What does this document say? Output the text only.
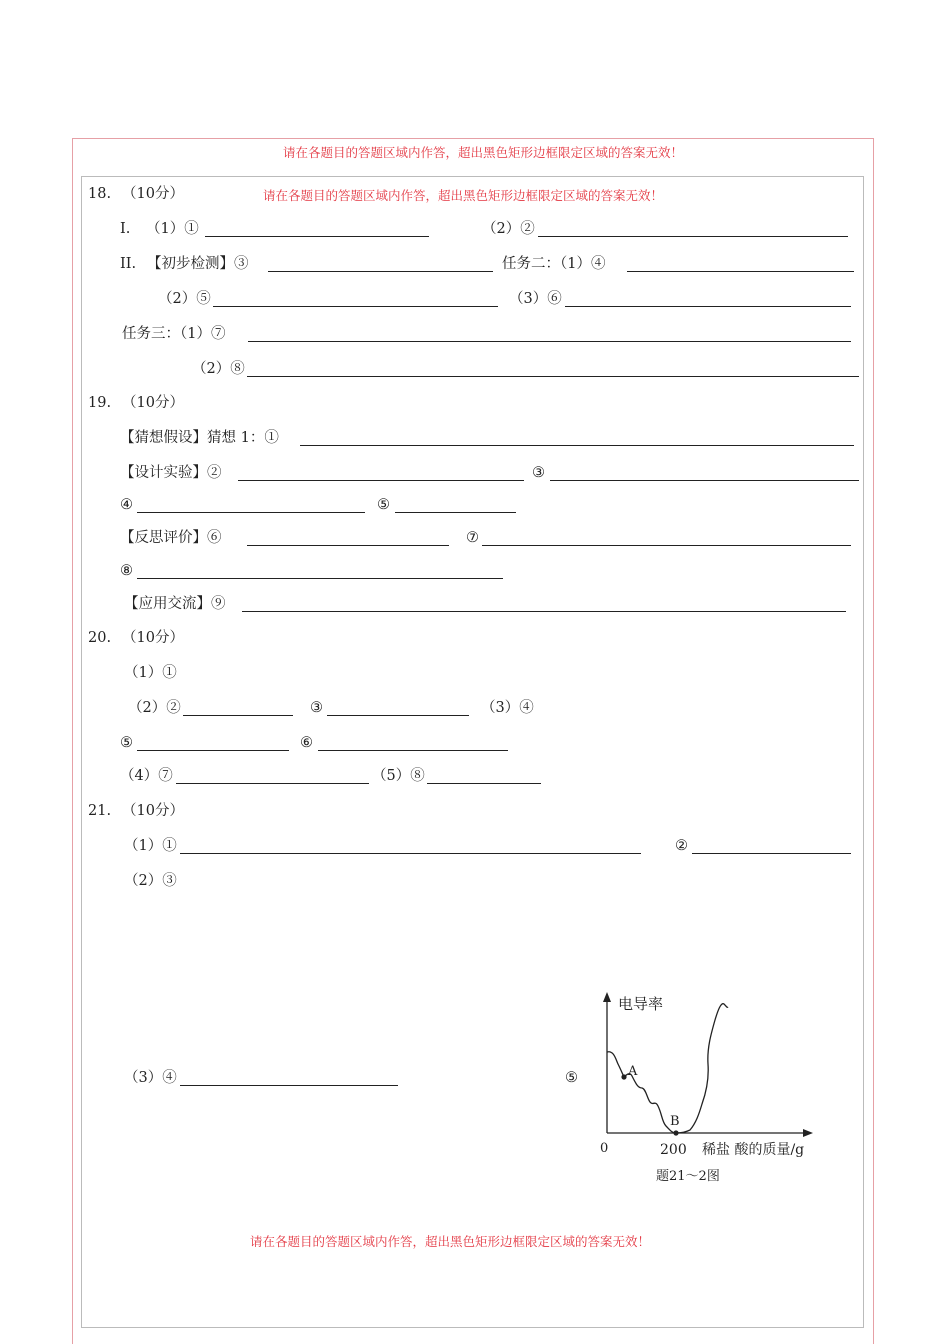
请在各题目的答题区域内作答，超出黑色矩形边框限定区域的答案无效！
18. （10分）	请在各题目的答题区域内作答，超出黑色矩形边框限定区域的答案无效！
I. （1）①	（2）②
II. 【初步检测】③	任务二：（1）④
（2）⑤	（3）⑥
任务三：（1）⑦
（2）⑧
19. （10分）
【猜想假设】猜想 1：①
【设计实验】②	③
④	⑤
【反思评价】⑥	⑦
⑧
【应用交流】⑨
20. （10分）
（1）①
（2）②	③	（3）④
⑤	⑥
（4）⑦	（5）⑧
21. （10分）
（1）①	②
（2）③
（3）④	⑤
电导率
A
B
0	200 稀盐 酸的质量/g
题21～2图
请在各题目的答题区域内作答，超出黑色矩形边框限定区域的答案无效！
